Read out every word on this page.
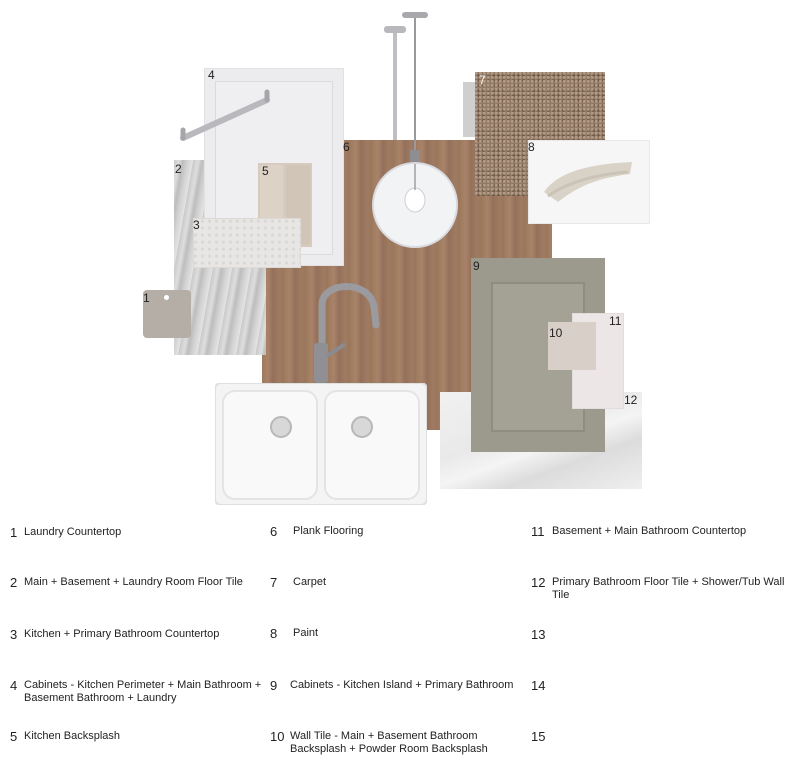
1
2
3
4
5
6
7
8
9
10
11
12
1 Laundry Countertop
2 Main + Basement + Laundry Room Floor Tile
3 Kitchen + Primary Bathroom Countertop
4 Cabinets - Kitchen Perimeter + Main Bathroom + Basement Bathroom + Laundry
5 Kitchen Backsplash
6 Plank Flooring
7 Carpet
8 Paint
9 Cabinets - Kitchen Island + Primary Bathroom
10 Wall Tile - Main + Basement Bathroom Backsplash + Powder Room Backsplash
11 Basement + Main Bathroom Countertop
12 Primary Bathroom Floor Tile + Shower/Tub Wall Tile
13
14
15
